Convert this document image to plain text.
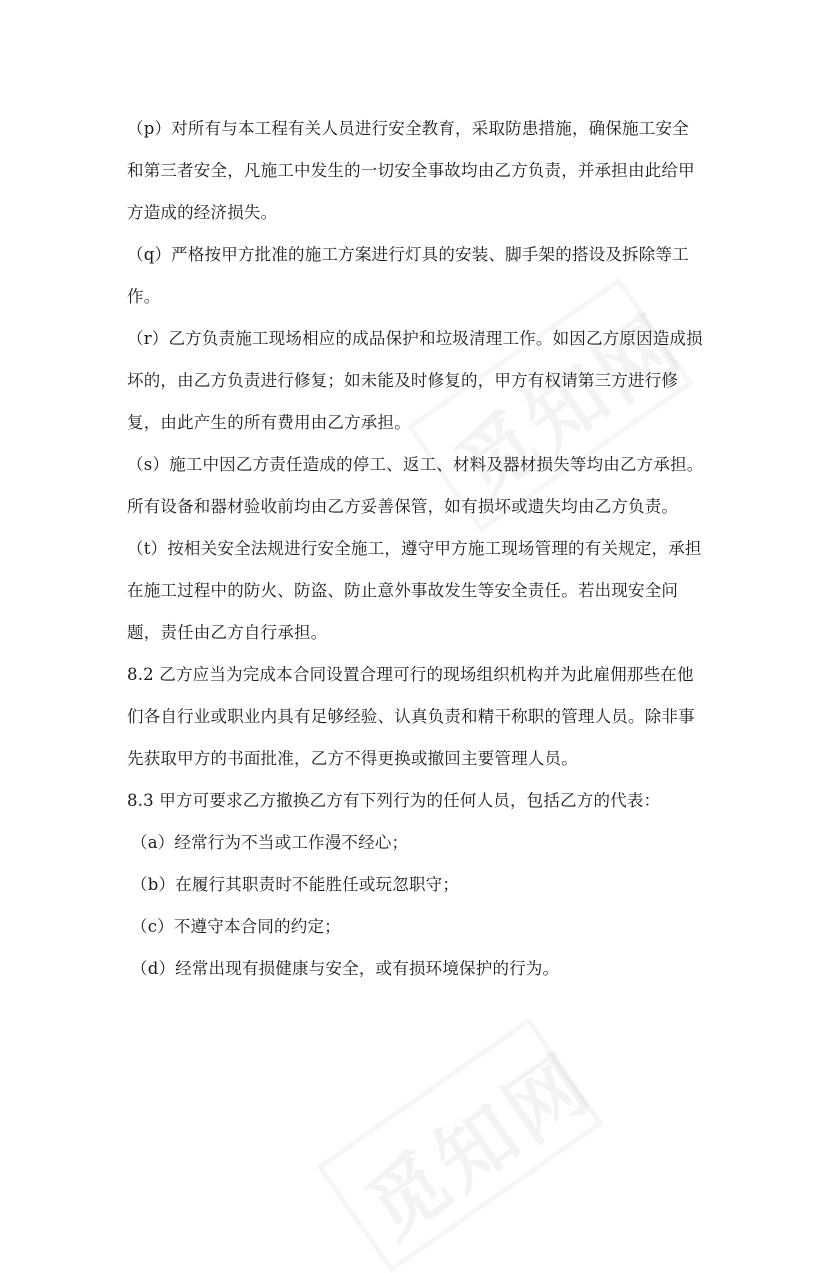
（p）对所有与本工程有关人员进行安全教育，采取防患措施，确保施工安全
和第三者安全，凡施工中发生的一切安全事故均由乙方负责，并承担由此给甲
方造成的经济损失。

（q）严格按甲方批准的施工方案进行灯具的安装、脚手架的搭设及拆除等工
作。

（r）乙方负责施工现场相应的成品保护和垃圾清理工作。如因乙方原因造成损
坏的，由乙方负责进行修复；如未能及时修复的，甲方有权请第三方进行修
复，由此产生的所有费用由乙方承担。

（s）施工中因乙方责任造成的停工、返工、材料及器材损失等均由乙方承担。
所有设备和器材验收前均由乙方妥善保管，如有损坏或遗失均由乙方负责。

（t）按相关安全法规进行安全施工，遵守甲方施工现场管理的有关规定，承担
在施工过程中的防火、防盗、防止意外事故发生等安全责任。若出现安全问
题，责任由乙方自行承担。

8.2 乙方应当为完成本合同设置合理可行的现场组织机构并为此雇佣那些在他
们各自行业或职业内具有足够经验、认真负责和精干称职的管理人员。除非事
先获取甲方的书面批准，乙方不得更换或撤回主要管理人员。

8.3 甲方可要求乙方撤换乙方有下列行为的任何人员，包括乙方的代表：

（a）经常行为不当或工作漫不经心；

（b）在履行其职责时不能胜任或玩忽职守；

（c）不遵守本合同的约定；

（d）经常出现有损健康与安全，或有损环境保护的行为。
